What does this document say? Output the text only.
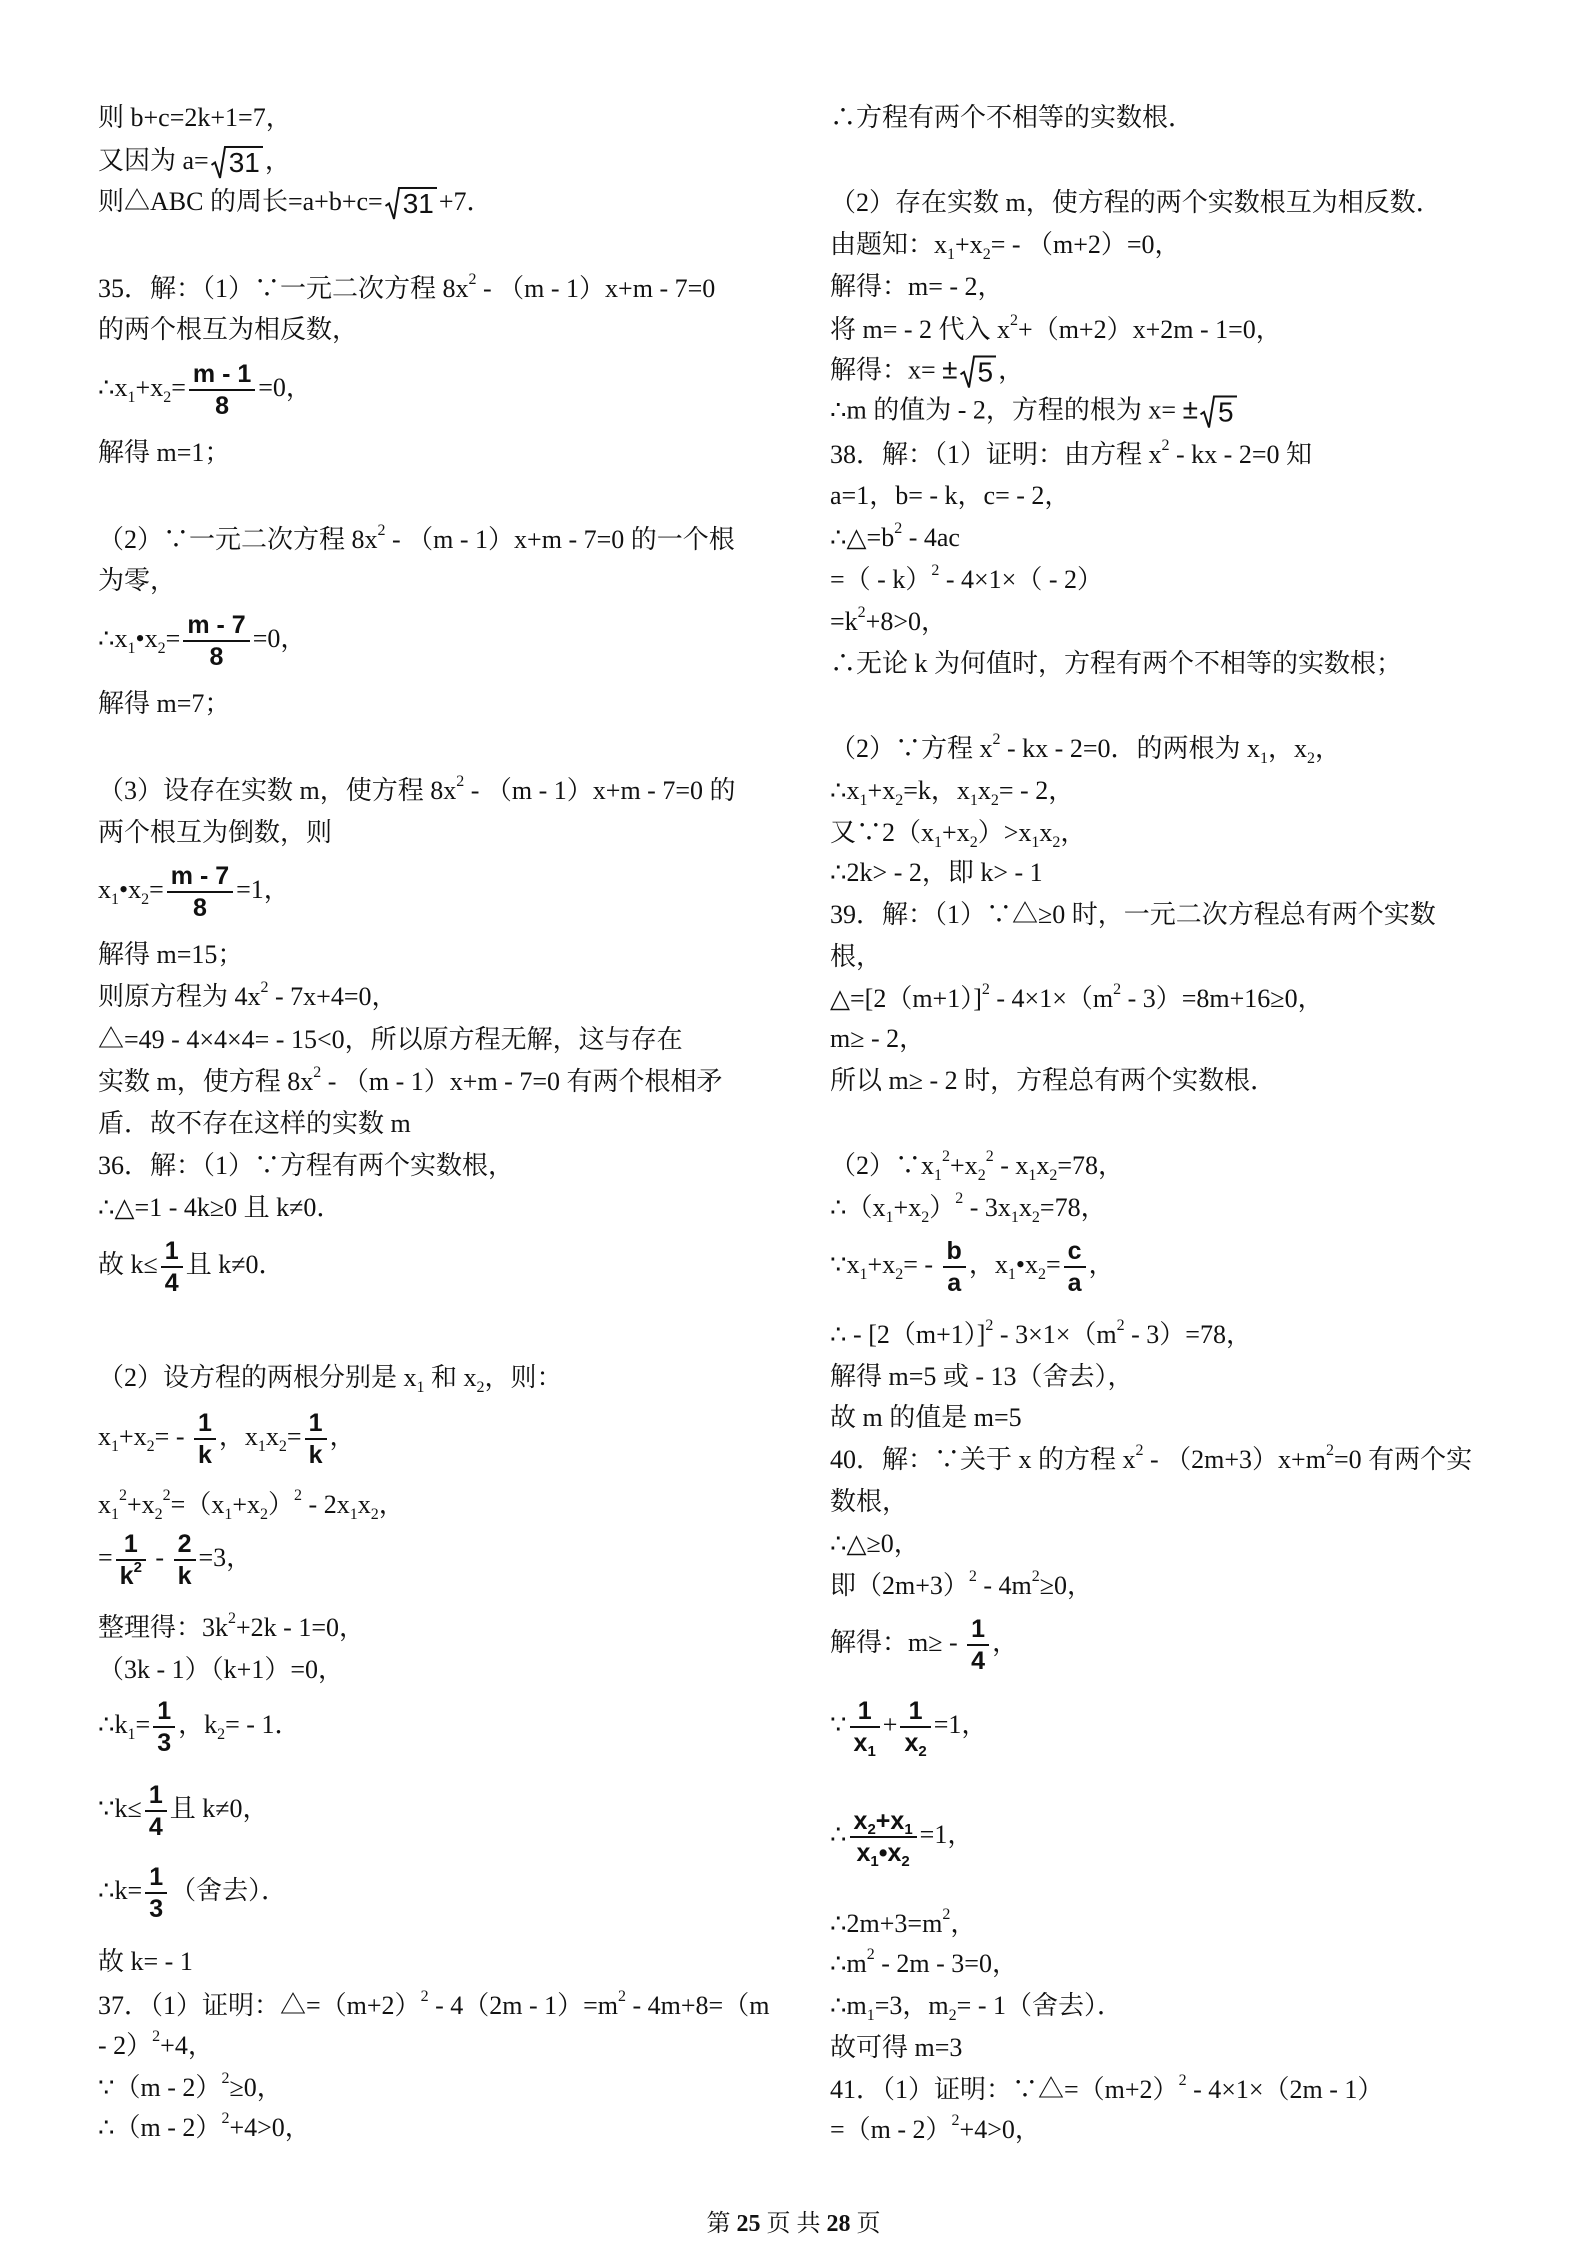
则 b+c=2k+1=7，
又因为 a= 31 ，
则△ABC 的周长=a+b+c= 31 +7．
35．解：（1）∵一元二次方程 $8x^2 - (m - 1)x+m - 7=0$
的两个根互为相反数，
$\therefore x_1+x_2= \frac{m - 1}{8} =0$，
解得 m=1；
（2）∵一元二次方程 $8x^2 - (m - 1)x+m - 7=0$ 的一个根
为零，
$\therefore x_1•x_2= \frac{m - 7}{8} =0$，
解得 m=7；
（3）设存在实数 m，使方程 $8x^2 - (m - 1)x+m - 7=0$ 的
两个根互为倒数，则
$x_1•x_2= \frac{m - 7}{8} =1$，
解得 m=15；
则原方程为 $4x^2 - 7x+4=0$，
△=49 - 4×4×4= - 15<0，所以原方程无解，这与存在
实数 m，使方程 $8x^2 - (m - 1)x+m - 7=0$ 有两个根相矛
盾．故不存在这样的实数 m
36．解：（1）∵方程有两个实数根，
∴△=1 - 4k≥0 且 k≠0．
故 $k\le \frac{1}{4}$ 且 k≠0．
（2）设方程的两根分别是 $x_1$ 和 $x_2$，则：
$x_1+x_2= - \frac{1}{k}$ ，$x_1x_2= \frac{1}{k}$ ，
$x_1^2+x_2^2=(x_1+x_2)^2 - 2x_1x_2$，
= $\frac{1}{k^2} - \frac{2}{k} =3$，
整理得：$3k^2+2k - 1=0$，
（3k - 1）（k+1）=0，
$\therefore k_1= \frac{1}{3}$ ，$k_2= - 1$．
∵k≤ $\frac{1}{4}$ 且 k≠0，
∴k= $\frac{1}{3}$ （舍去）．
故 k= - 1
37．（1）证明：$\triangle=(m+2)^2 - 4(2m - 1)=m^2 - 4m+8=(m$
- 2）$^2$+4，
∵（m - 2）$^2$≥0，
∴（m - 2）$^2$+4>0，
∴方程有两个不相等的实数根．
（2）存在实数 m，使方程的两个实数根互为相反数．
由题知：$x_1+x_2= - (m+2)=0$，
解得：m= - 2，
将 m= - 2 代入 $x^2+(m+2)x+2m - 1=0$，
解得：x= ± 5 ，
∴m 的值为 - 2，方程的根为 x= ± 5
38．解：（1）证明：由方程 $x^2$ - kx - 2=0 知
a=1，b= - k，c= - 2，
$\therefore\triangle=b^2 - 4ac$
=（ - k）$^2$ - 4×1×（ - 2）
$=k^2+8>0$，
∴无论 k 为何值时，方程有两个不相等的实数根；
（2）∵方程 $x^2$ - kx - 2=0．的两根为 $x_1$，$x_2$，
$\therefore x_1+x_2=k$，$x_1x_2= - 2$，
又$\because 2(x_1+x_2)>x_1x_2$，
∴2k> - 2，即 k> - 1
39．解：（1）∵△≥0 时，一元二次方程总有两个实数
根，
$\triangle=[2(m+1)]^2 - 4\times 1\times(m^2 - 3)=8m+16\ge 0$，
m≥ - 2，
所以 m≥ - 2 时，方程总有两个实数根．
$(2)\because x_1^2+x_2^2 - x_1x_2=78$，
$\therefore(x_1+x_2)^2 - 3x_1x_2=78$，
$\because x_1+x_2= - \frac{b}{a}$ ，$x_1•x_2= \frac{c}{a}$ ，
∴ - $[2(m+1)]^2 - 3\times 1\times(m^2 - 3)=78$，
解得 m=5 或 - 13（舍去），
故 m 的值是 m=5
40．解：∵关于 x 的方程 $x^2 - (2m+3)x+m^2=0$ 有两个实
数根，
∴△≥0，
即$(2m+3)^2 - 4m^2\ge 0$，
解得：$m\ge - \frac{1}{4}$ ，
∵ $\frac{1}{x_1} + \frac{1}{x_2} =1$，
∴ $\frac{x_2+x_1}{x_1•x_2} =1$，
$\therefore 2m+3=m^2$，
$\therefore m^2 - 2m - 3=0$，
$\therefore m_1=3$，$m_2= - 1$（舍去）．
故可得 m=3
41．（1）证明：$\because\triangle=(m+2)^2 - 4\times 1\times(2m - 1)$
=（m - 2）$^2$+4>0，
第 25 页 共 28 页
